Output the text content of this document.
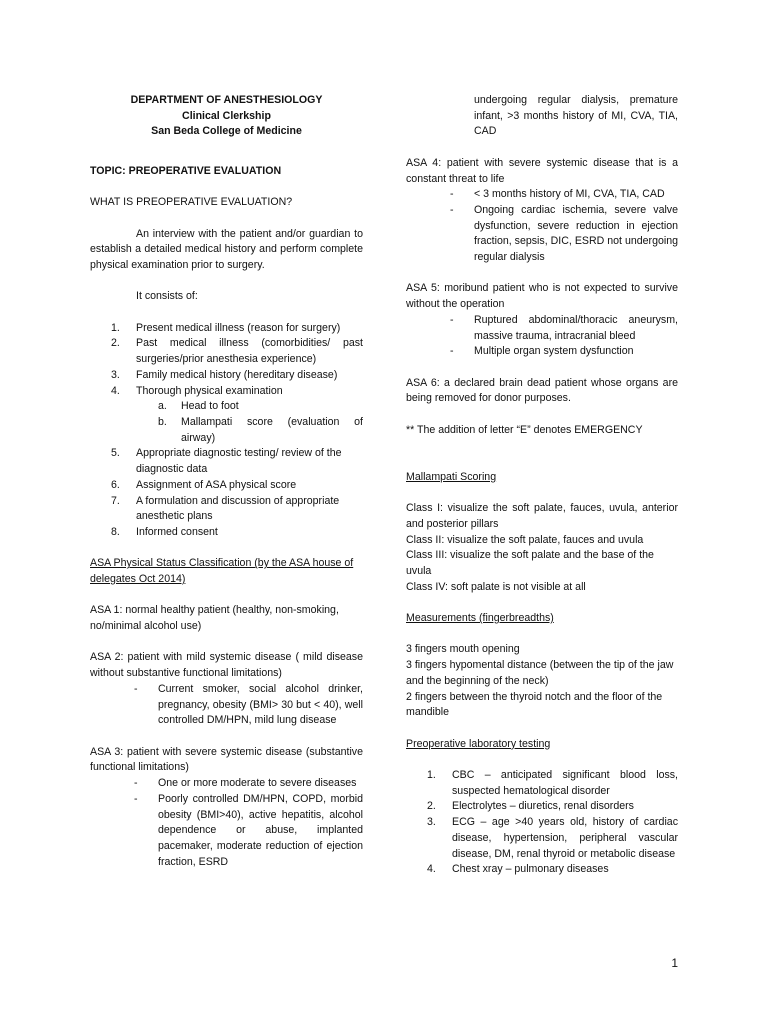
DEPARTMENT OF ANESTHESIOLOGY

Clinical Clerkship

San Beda College of Medicine

TOPIC: PREOPERATIVE EVALUATION

WHAT IS PREOPERATIVE EVALUATION?

An interview with the patient and/or guardian to establish a detailed medical history and perform complete physical examination prior to surgery.

It consists of:

1. Present medical illness (reason for surgery)
2. Past medical illness (comorbidities/ past surgeries/prior anesthesia experience)
3. Family medical history (hereditary disease)
4. Thorough physical examination
a. Head to foot
b. Mallampati score (evaluation of airway)
5. Appropriate diagnostic testing/ review of the diagnostic data
6. Assignment of ASA physical score
7. A formulation and discussion of appropriate anesthetic plans
8. Informed consent

ASA Physical Status Classification (by the ASA house of delegates Oct 2014)

ASA 1: normal healthy patient (healthy, non-smoking, no/minimal alcohol use)

ASA 2: patient with mild systemic disease ( mild disease without substantive functional limitations)

- Current smoker, social alcohol drinker, pregnancy, obesity (BMI> 30 but < 40), well controlled DM/HPN, mild lung disease

ASA 3: patient with severe systemic disease (substantive functional limitations)

- One or more moderate to severe diseases
- Poorly controlled DM/HPN, COPD, morbid obesity (BMI>40), active hepatitis, alcohol dependence or abuse, implanted pacemaker, moderate reduction of ejection fraction, ESRD

undergoing regular dialysis, premature infant, >3 months history of MI, CVA, TIA, CAD

ASA 4: patient with severe systemic disease that is a constant threat to life

- < 3 months history of MI, CVA, TIA, CAD
- Ongoing cardiac ischemia, severe valve dysfunction, severe reduction in ejection fraction, sepsis, DIC, ESRD not undergoing regular dialysis

ASA 5: moribund patient who is not expected to survive without the operation

- Ruptured abdominal/thoracic aneurysm, massive trauma, intracranial bleed
- Multiple organ system dysfunction

ASA 6: a declared brain dead patient whose organs are being removed for donor purposes.

** The addition of letter “E” denotes EMERGENCY

Mallampati Scoring

Class I: visualize the soft palate, fauces, uvula, anterior and posterior pillars

Class II: visualize the soft palate, fauces and uvula

Class III: visualize the soft palate and the base of the uvula

Class IV: soft palate is not visible at all

Measurements (fingerbreadths)

3 fingers mouth opening

3 fingers hypomental distance (between the tip of the jaw and the beginning of the neck)

2 fingers between the thyroid notch and the floor of the mandible

Preoperative laboratory testing

1. CBC – anticipated significant blood loss, suspected hematological disorder
2. Electrolytes – diuretics, renal disorders
3. ECG – age >40 years old, history of cardiac disease, hypertension, peripheral vascular disease, DM, renal thyroid or metabolic disease
4. Chest xray – pulmonary diseases
1
